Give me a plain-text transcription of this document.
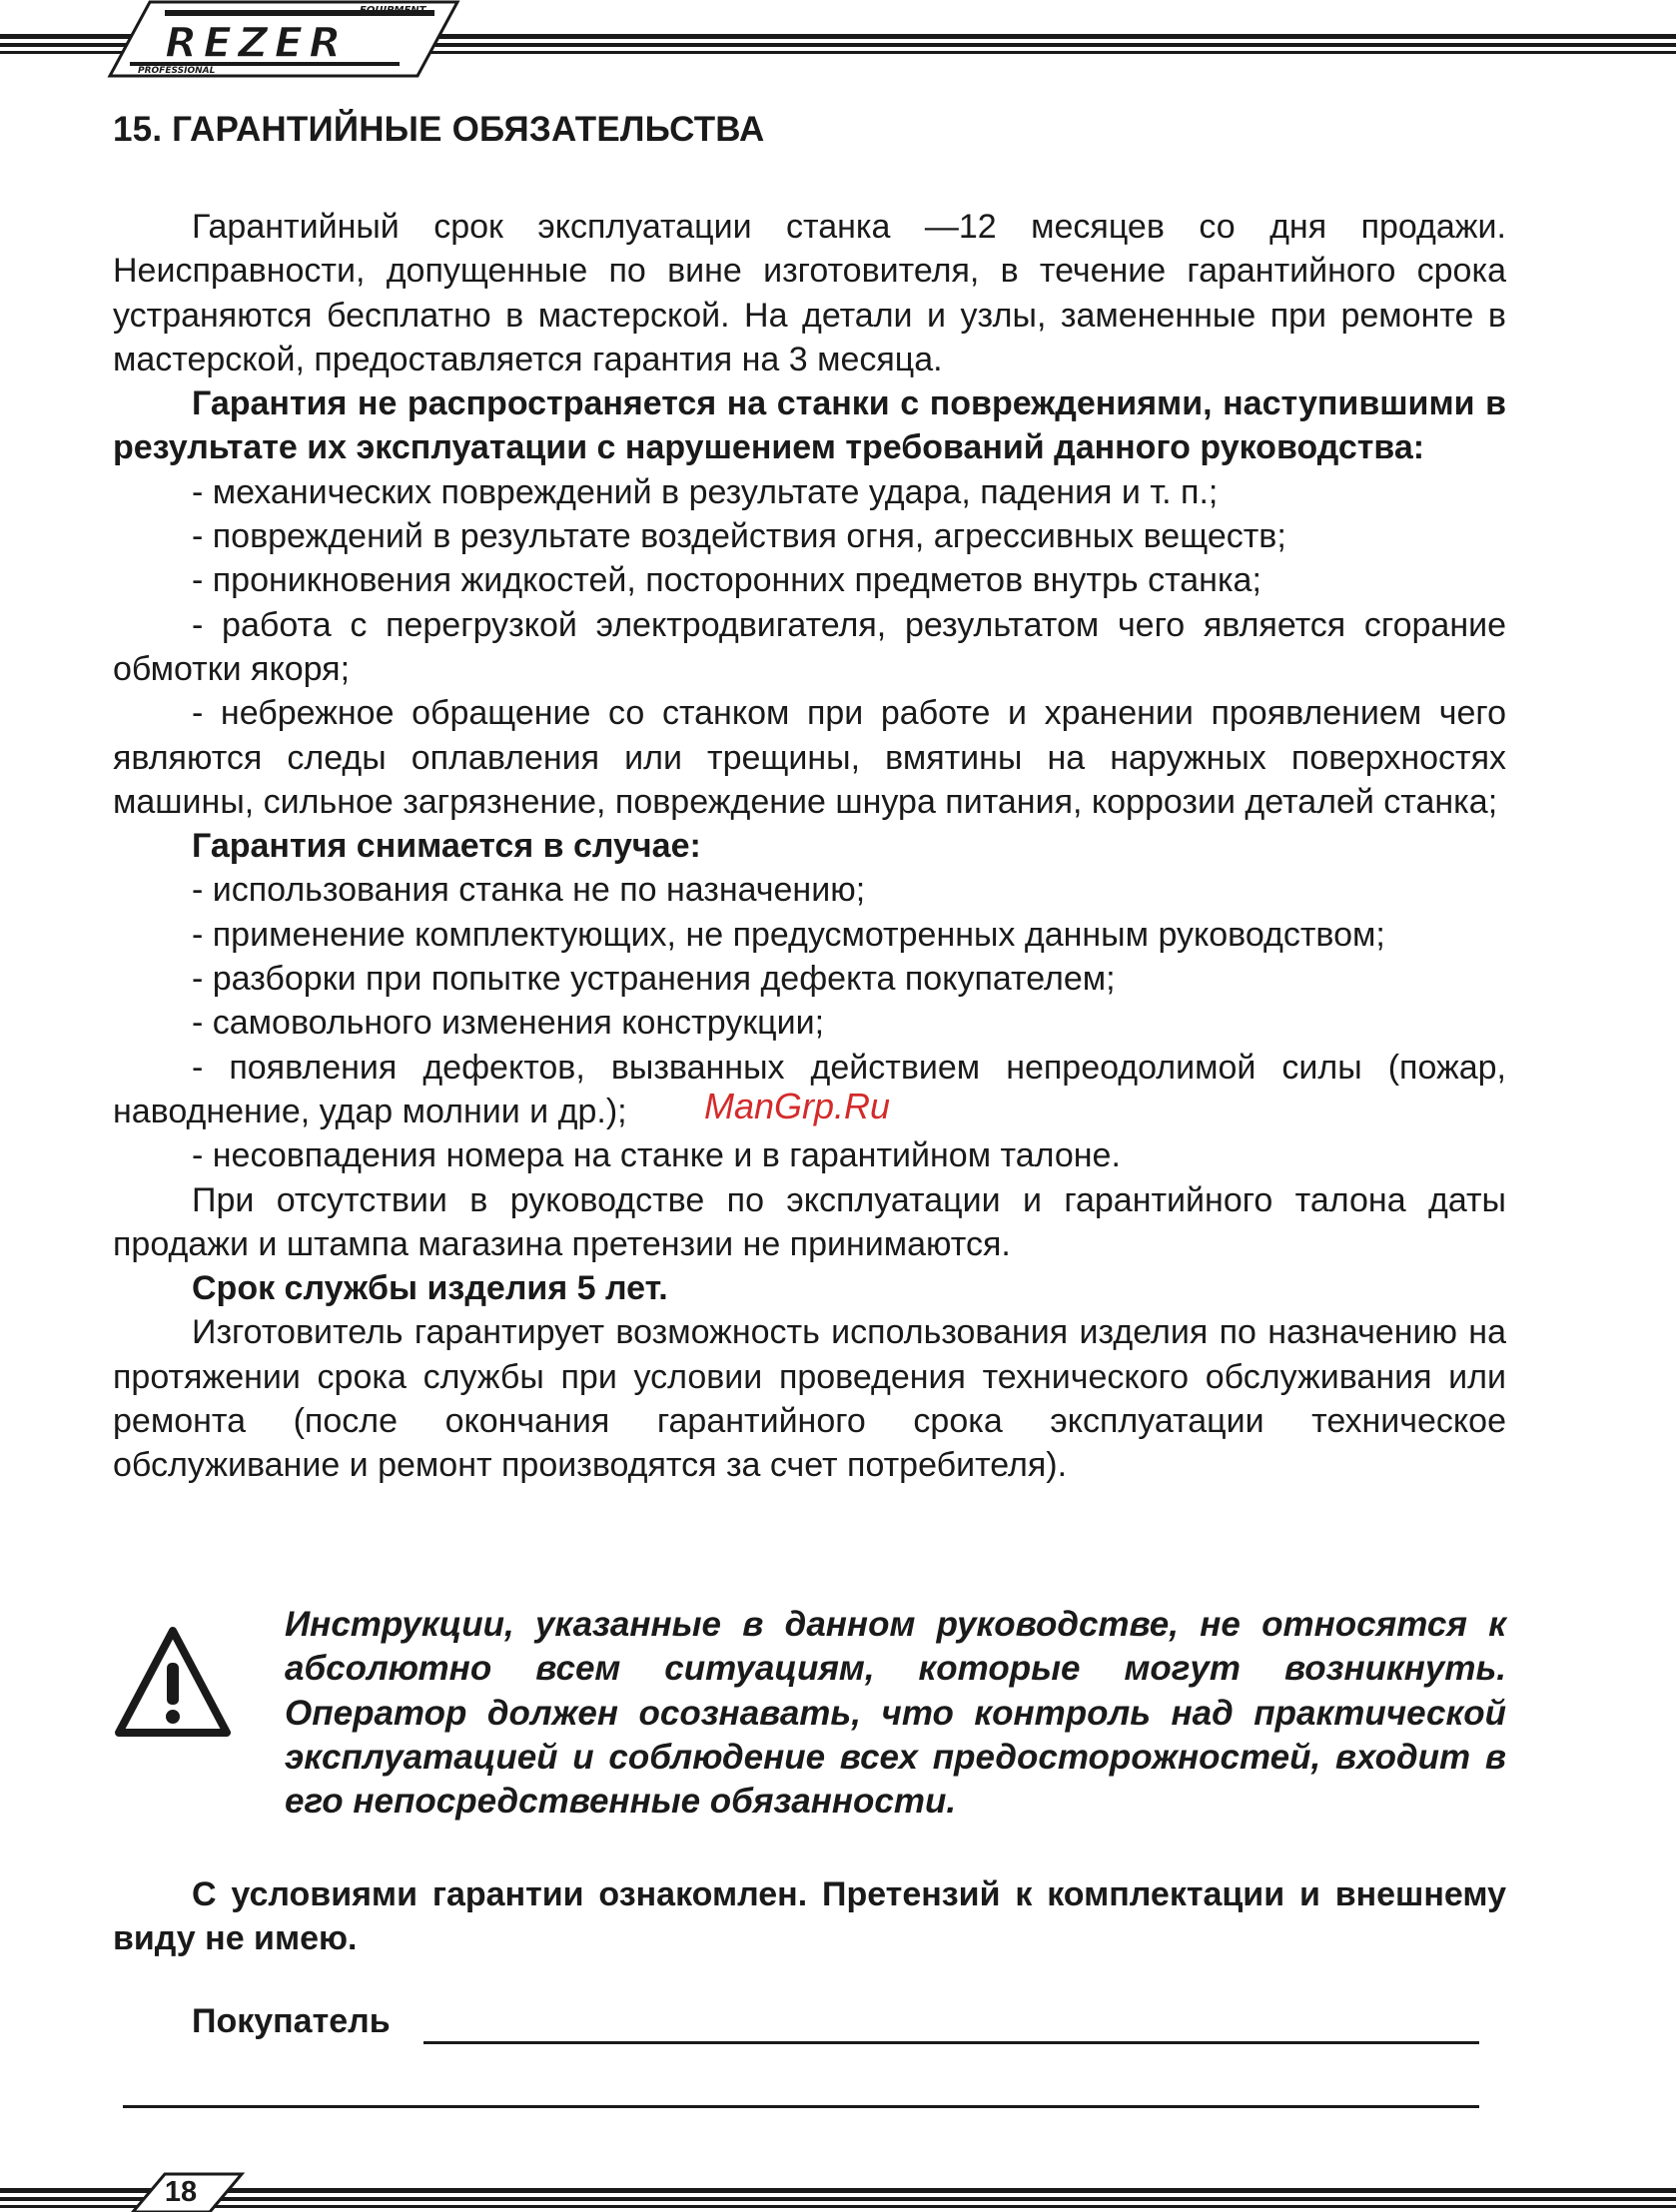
REZER
EQUIPMENT
PROFESSIONAL
15. ГАРАНТИЙНЫЕ ОБЯЗАТЕЛЬСТВА

Гарантийный срок эксплуатации станка —12 месяцев со дня продажи. Неисправности, допущенные по вине изготовителя, в течение гарантийного срока устраняются бесплатно в мастерской. На детали и узлы, замененные при ремонте в мастерской, предоставляется гарантия на 3 месяца.

Гарантия не распространяется на станки с повреждениями, наступившими в результате их эксплуатации с нарушением требований данного руководства:

- механических повреждений в результате удара, падения и т. п.;

- повреждений в результате воздействия огня, агрессивных веществ;

- проникновения жидкостей, посторонних предметов внутрь станка;

- работа с перегрузкой электродвигателя, результатом чего является сгорание обмотки якоря;

- небрежное обращение со станком при работе и хранении проявлением чего являются следы оплавления или трещины, вмятины на наружных поверхностях машины, сильное загрязнение, повреждение шнура питания, коррозии деталей станка;

Гарантия снимается в случае:

- использования станка не по назначению;

- применение комплектующих, не предусмотренных данным руководством;

- разборки при попытке устранения дефекта покупателем;

- самовольного изменения конструкции;

- появления дефектов, вызванных действием непреодолимой силы (пожар, наводнение, удар молнии и др.);

- несовпадения номера на станке и в гарантийном талоне.

При отсутствии в руководстве по эксплуатации и гарантийного талона даты продажи и штампа магазина претензии не принимаются.

Срок службы изделия 5 лет.

Изготовитель гарантирует возможность использования изделия по назначению на протяжении срока службы при условии проведения технического обслуживания или ремонта (после окончания гарантийного срока эксплуатации техническое обслуживание и ремонт производятся за счет потребителя).

ManGrp.Ru

Инструкции, указанные в данном руководстве, не относятся к абсолютно всем ситуациям, которые могут возникнуть. Оператор должен осознавать, что контроль над практической эксплуатацией и соблюдение всех предосторожностей, входит в его непосредственные обязанности.

С условиями гарантии ознакомлен. Претензий к комплектации и внешнему виду не имею.

Покупатель
18
